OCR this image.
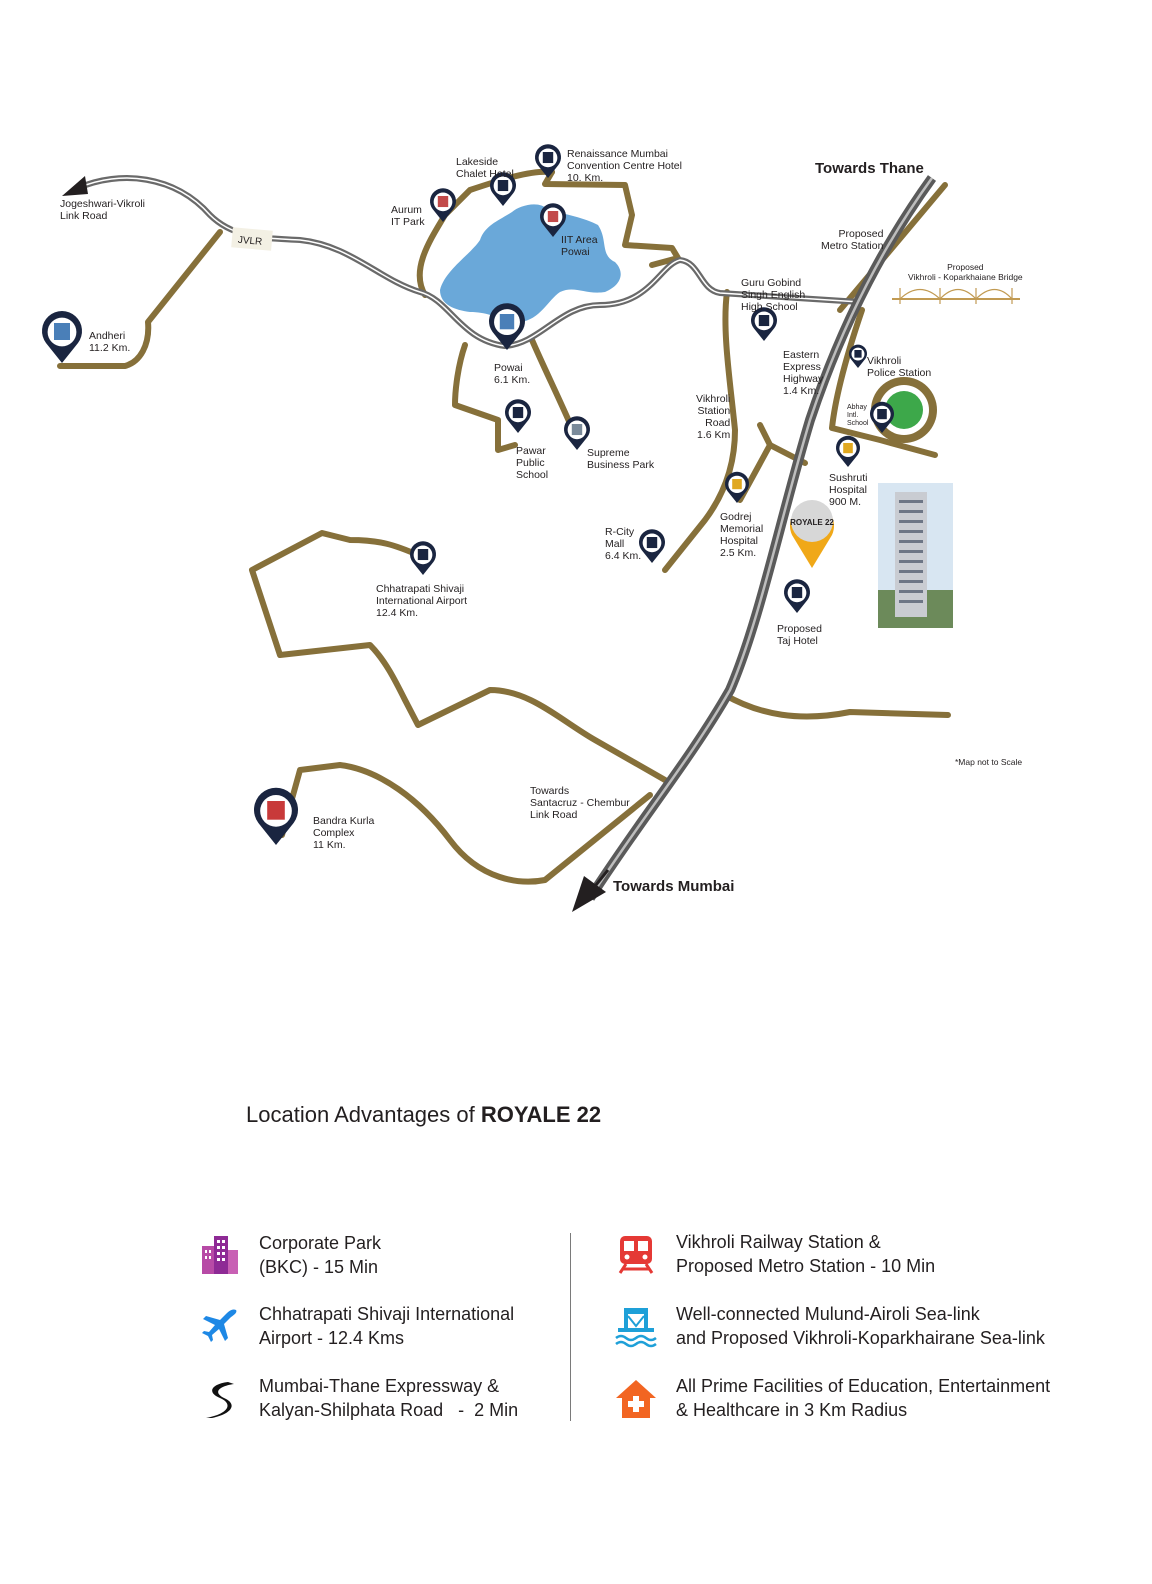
JVLR
ROYALE 22
Towards Thane
Towards Mumbai
Jogeshwari-Vikroli
Link Road
Andheri
11.2 Km.
Aurum
IT Park
Lakeside
Chalet Hotel
Renaissance Mumbai
Convention Centre Hotel
10. Km.
IIT Area
Powai
Powai
6.1 Km.
Pawar
Public
School
Supreme
Business Park
Proposed
Metro Station
Proposed
Vikhroli - Koparkhaiane Bridge
Guru Gobind
Singh English
High School
Eastern
Express
Highway
1.4 Km.
Vikhroli
Police Station
Abhay
Intl.
School
Vikhroli
Station
Road
1.6 Km
Sushruti
Hospital
900 M.
Godrej
Memorial
Hospital
2.5 Km.
R-City
Mall
6.4 Km.
Chhatrapati Shivaji
International Airport
12.4 Km.
Proposed
Taj Hotel
*Map not to Scale
Bandra Kurla
Complex
11 Km.
Towards
Santacruz - Chembur
Link Road
Location Advantages of ROYALE 22
Corporate Park
(BKC) - 15 Min
Chhatrapati Shivaji International
Airport - 12.4 Kms
Mumbai-Thane Expressway &
Kalyan-Shilphata Road   -  2 Min
Vikhroli Railway Station &
Proposed Metro Station - 10 Min
Well-connected Mulund-Airoli Sea-link
and Proposed Vikhroli-Koparkhairane Sea-link
All Prime Facilities of Education, Entertainment
& Healthcare in 3 Km Radius
